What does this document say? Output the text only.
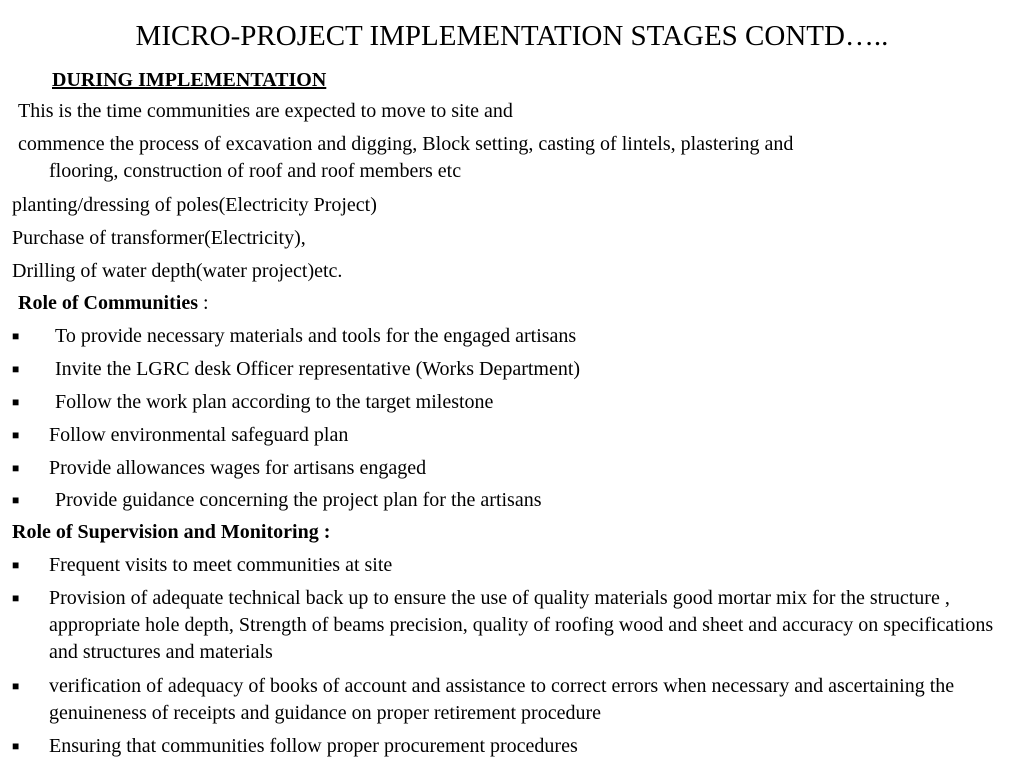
MICRO-PROJECT IMPLEMENTATION STAGES CONTD…..
DURING IMPLEMENTATION
This is the time communities are expected to move to site and
commence the process of excavation and digging, Block setting, casting of lintels, plastering and
flooring, construction of roof and roof members etc
planting/dressing of poles(Electricity Project)
Purchase of transformer(Electricity),
Drilling of water depth(water project)etc.
Role of Communities :
■	To provide necessary materials and tools for the engaged artisans
■	Invite the LGRC desk Officer representative (Works Department)
■	Follow the work plan according to the target milestone
■	Follow environmental safeguard plan
■	Provide allowances wages for artisans engaged
■	Provide guidance concerning the project plan for the artisans
Role of Supervision and Monitoring :
■	Frequent visits to meet communities at site
■	Provision of adequate technical back up to ensure the use of quality materials good mortar mix for the structure , appropriate hole depth, Strength of beams precision, quality of roofing wood and sheet and accuracy on specifications and structures and materials
■	verification of adequacy of books of account and assistance to correct errors when necessary and ascertaining the genuineness of receipts and guidance on proper retirement procedure
■	Ensuring that communities follow proper procurement procedures
